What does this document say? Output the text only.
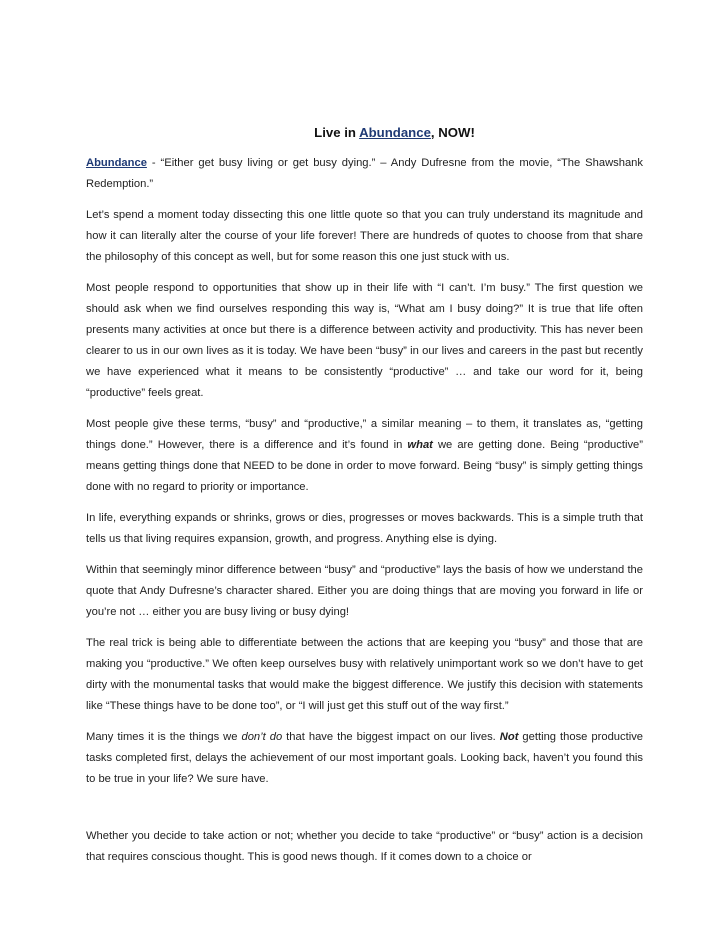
Live in Abundance, NOW!

Abundance - “Either get busy living or get busy dying.” – Andy Dufresne from the movie, “The Shawshank Redemption.”

Let’s spend a moment today dissecting this one little quote so that you can truly understand its magnitude and how it can literally alter the course of your life forever! There are hundreds of quotes to choose from that share the philosophy of this concept as well, but for some reason this one just stuck with us.

Most people respond to opportunities that show up in their life with “I can’t. I’m busy.” The first question we should ask when we find ourselves responding this way is, “What am I busy doing?” It is true that life often presents many activities at once but there is a difference between activity and productivity. This has never been clearer to us in our own lives as it is today. We have been “busy” in our lives and careers in the past but recently we have experienced what it means to be consistently “productive” … and take our word for it, being “productive” feels great.

Most people give these terms, “busy” and “productive,” a similar meaning – to them, it translates as, “getting things done.” However, there is a difference and it’s found in what we are getting done. Being “productive” means getting things done that NEED to be done in order to move forward. Being “busy” is simply getting things done with no regard to priority or importance.

In life, everything expands or shrinks, grows or dies, progresses or moves backwards. This is a simple truth that tells us that living requires expansion, growth, and progress. Anything else is dying.

Within that seemingly minor difference between “busy” and “productive” lays the basis of how we understand the quote that Andy Dufresne’s character shared. Either you are doing things that are moving you forward in life or you’re not … either you are busy living or busy dying!

The real trick is being able to differentiate between the actions that are keeping you “busy” and those that are making you “productive.” We often keep ourselves busy with relatively unimportant work so we don’t have to get dirty with the monumental tasks that would make the biggest difference. We justify this decision with statements like “These things have to be done too”, or “I will just get this stuff out of the way first.”

Many times it is the things we don’t do that have the biggest impact on our lives. Not getting those productive tasks completed first, delays the achievement of our most important goals. Looking back, haven’t you found this to be true in your life? We sure have.

Whether you decide to take action or not; whether you decide to take “productive” or “busy” action is a decision that requires conscious thought. This is good news though. If it comes down to a choice or
